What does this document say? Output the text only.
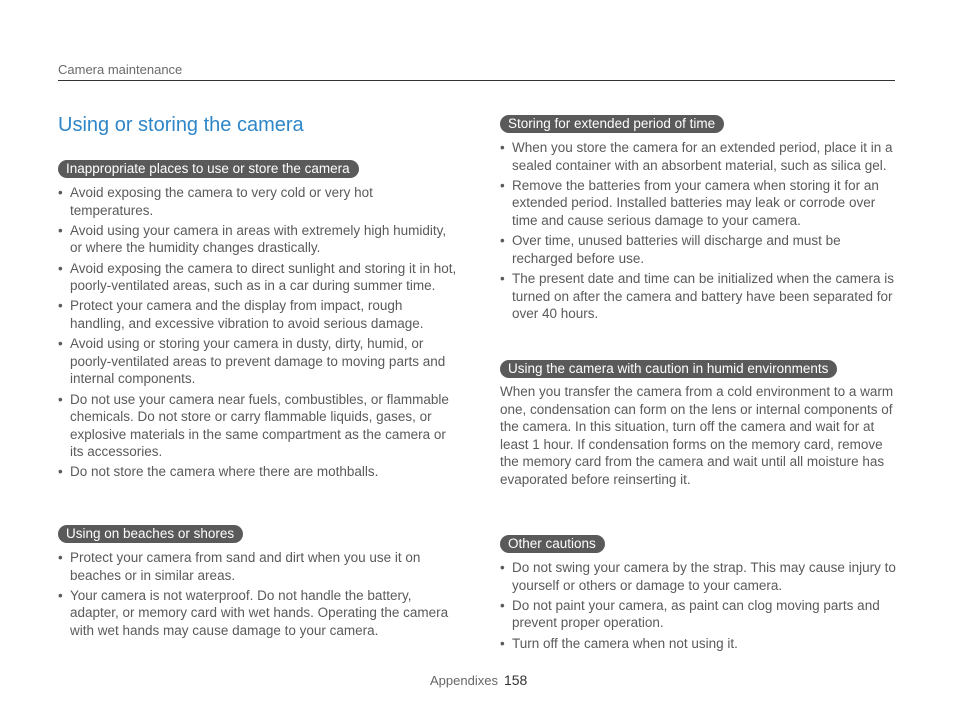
Camera maintenance
Using or storing the camera
Inappropriate places to use or store the camera
• Avoid exposing the camera to very cold or very hot temperatures.
• Avoid using your camera in areas with extremely high humidity, or where the humidity changes drastically.
• Avoid exposing the camera to direct sunlight and storing it in hot, poorly-ventilated areas, such as in a car during summer time.
• Protect your camera and the display from impact, rough handling, and excessive vibration to avoid serious damage.
• Avoid using or storing your camera in dusty, dirty, humid, or poorly-ventilated areas to prevent damage to moving parts and internal components.
• Do not use your camera near fuels, combustibles, or flammable chemicals. Do not store or carry flammable liquids, gases, or explosive materials in the same compartment as the camera or its accessories.
• Do not store the camera where there are mothballs.
Using on beaches or shores
• Protect your camera from sand and dirt when you use it on beaches or in similar areas.
• Your camera is not waterproof. Do not handle the battery, adapter, or memory card with wet hands. Operating the camera with wet hands may cause damage to your camera.
Storing for extended period of time
• When you store the camera for an extended period, place it in a sealed container with an absorbent material, such as silica gel.
• Remove the batteries from your camera when storing it for an extended period. Installed batteries may leak or corrode over time and cause serious damage to your camera.
• Over time, unused batteries will discharge and must be recharged before use.
• The present date and time can be initialized when the camera is turned on after the camera and battery have been separated for over 40 hours.
Using the camera with caution in humid environments

When you transfer the camera from a cold environment to a warm one, condensation can form on the lens or internal components of the camera. In this situation, turn off the camera and wait for at least 1 hour. If condensation forms on the memory card, remove the memory card from the camera and wait until all moisture has evaporated before reinserting it.

Other cautions
• Do not swing your camera by the strap. This may cause injury to yourself or others or damage to your camera.
• Do not paint your camera, as paint can clog moving parts and prevent proper operation.
• Turn off the camera when not using it.
Appendixes 158
